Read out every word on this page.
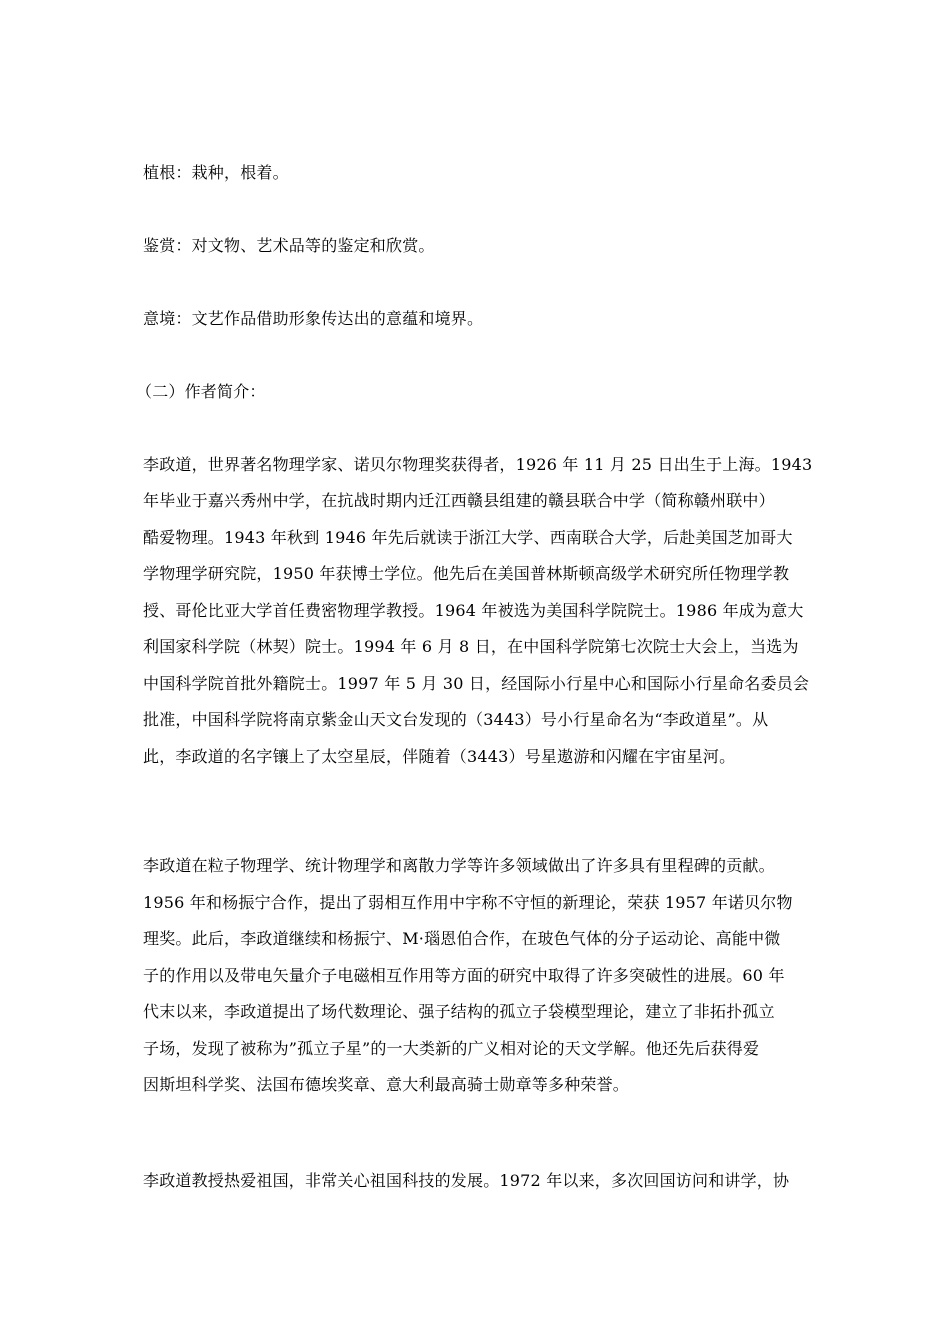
植根：栽种，根着。
鉴赏：对文物、艺术品等的鉴定和欣赏。
意境：文艺作品借助形象传达出的意蕴和境界。
（二）作者简介：
李政道，世界著名物理学家、诺贝尔物理奖获得者，1926 年 11 月 25 日出生于上海。1943
年毕业于嘉兴秀州中学，在抗战时期内迁江西赣县组建的赣县联合中学（简称赣州联中）
酷爱物理。1943 年秋到 1946 年先后就读于浙江大学、西南联合大学，后赴美国芝加哥大
学物理学研究院，1950 年获博士学位。他先后在美国普林斯顿高级学术研究所任物理学教
授、哥伦比亚大学首任费密物理学教授。1964 年被选为美国科学院院士。1986 年成为意大
利国家科学院（林契）院士。1994 年 6 月 8 日，在中国科学院第七次院士大会上，当选为
中国科学院首批外籍院士。1997 年 5 月 30 日，经国际小行星中心和国际小行星命名委员会
批准，中国科学院将南京紫金山天文台发现的（3443）号小行星命名为“李政道星”。从
此，李政道的名字镶上了太空星辰，伴随着（3443）号星遨游和闪耀在宇宙星河。
李政道在粒子物理学、统计物理学和离散力学等许多领域做出了许多具有里程碑的贡献。
1956 年和杨振宁合作，提出了弱相互作用中宇称不守恒的新理论，荣获 1957 年诺贝尔物
理奖。此后，李政道继续和杨振宁、M·瑙恩伯合作，在玻色气体的分子运动论、高能中微
子的作用以及带电矢量介子电磁相互作用等方面的研究中取得了许多突破性的进展。60 年
代末以来，李政道提出了场代数理论、强子结构的孤立子袋模型理论，建立了非拓扑孤立
子场，发现了被称为”孤立子星”的一大类新的广义相对论的天文学解。他还先后获得爱
因斯坦科学奖、法国布德埃奖章、意大利最高骑士勋章等多种荣誉。
李政道教授热爱祖国，非常关心祖国科技的发展。1972 年以来，多次回国访问和讲学，协
